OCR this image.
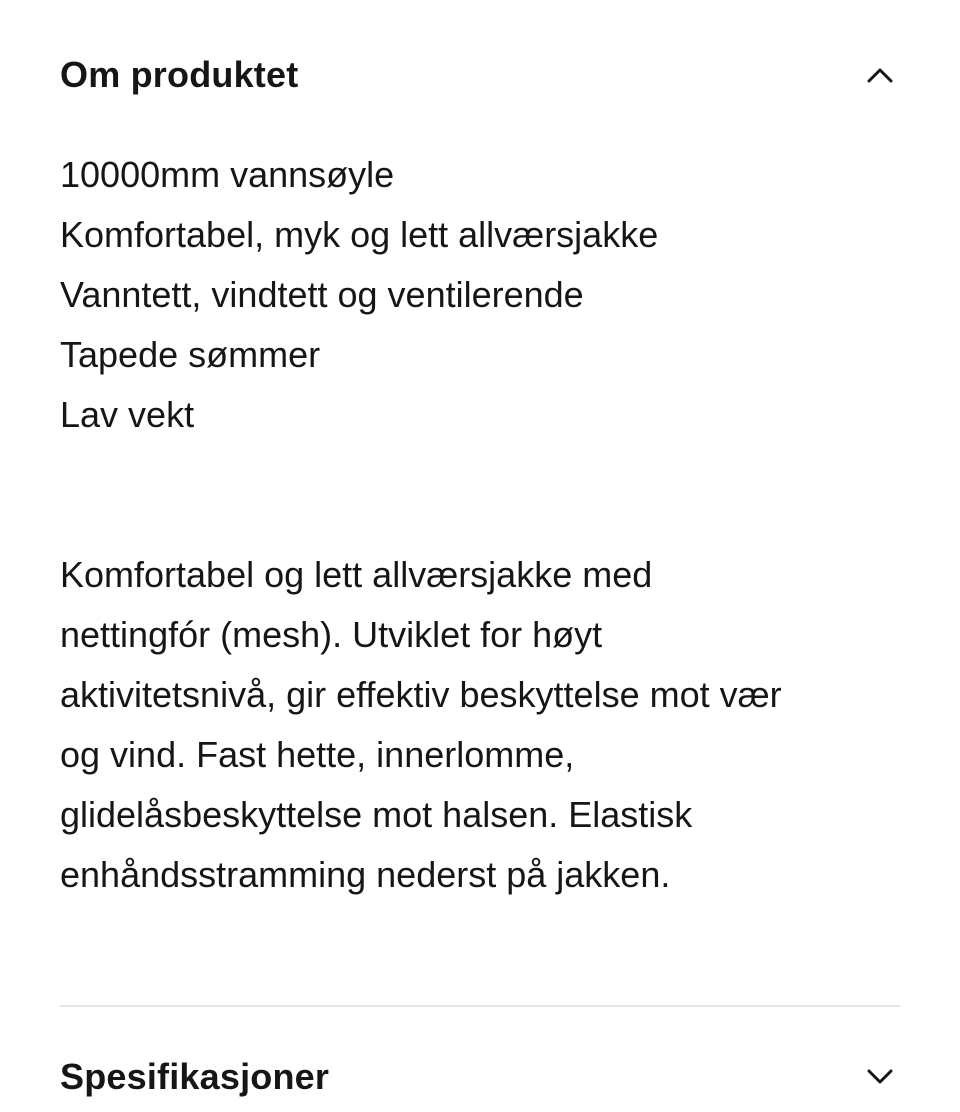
Om produktet
10000mm vannsøyle
Komfortabel, myk og lett allværsjakke
Vanntett, vindtett og ventilerende
Tapede sømmer
Lav vekt

Komfortabel og lett allværsjakke med
nettingfór (mesh). Utviklet for høyt
aktivitetsnivå, gir effektiv beskyttelse mot vær
og vind. Fast hette, innerlomme,
glidelåsbeskyttelse mot halsen. Elastisk
enhåndsstramming nederst på jakken.

Spesifikasjoner
